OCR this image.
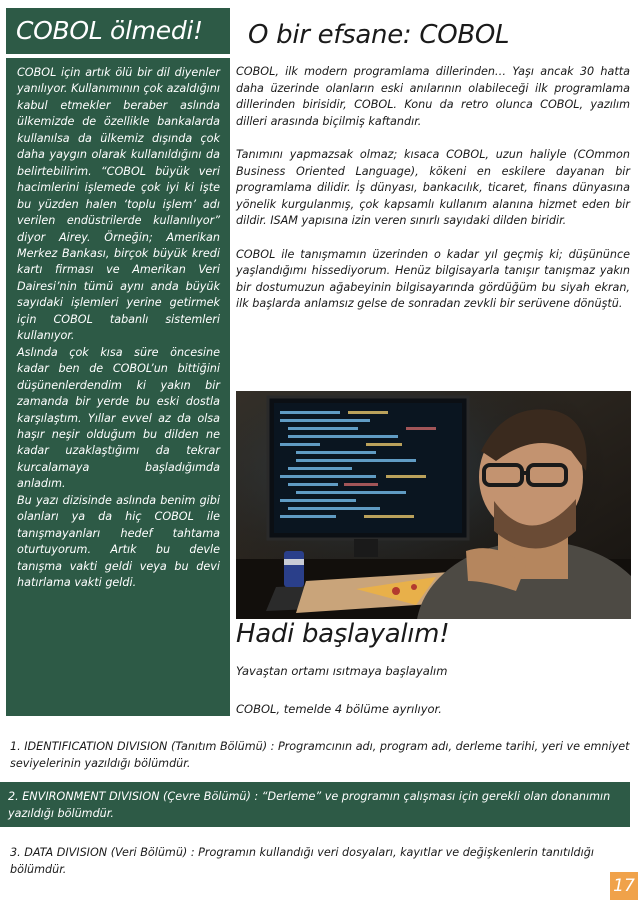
COBOL ölmedi!

COBOL için artık ölü bir dil diyenler yanılıyor. Kullanımının çok azaldığını kabul etmekler beraber aslında ülkemizde de özellikle bankalarda kullanılsa da ülkemiz dışında çok daha yaygın olarak kullanıldığını da belirtebilirim. “COBOL büyük veri hacimlerini işlemede çok iyi ki işte bu yüzden halen ‘toplu işlem’ adı verilen endüstrilerde kullanılıyor” diyor Airey. Örneğin; Amerikan Merkez Bankası, birçok büyük kredi kartı firması ve Amerikan Veri Dairesi’nin tümü aynı anda büyük sayıdaki işlemleri yerine getirmek için COBOL tabanlı sistemleri kullanıyor.

Aslında çok kısa süre öncesine kadar ben de COBOL’un bittiğini düşünenlerdendim ki yakın bir zamanda bir yerde bu eski dostla karşılaştım. Yıllar evvel az da olsa haşır neşir olduğum bu dilden ne kadar uzaklaştığımı da tekrar kurcalamaya başladığımda anladım.

Bu yazı dizisinde aslında benim gibi olanları ya da hiç COBOL ile tanışmayanları hedef tahtama oturtuyorum. Artık bu devle tanışma vakti geldi veya bu devi hatırlama vakti geldi.

O bir efsane: COBOL

COBOL, ilk modern programlama dillerinden… Yaşı ancak 30 hatta daha üzerinde olanların eski anılarının olabileceği ilk programlama dillerinden birisidir, COBOL. Konu da retro olunca COBOL, yazılım dilleri arasında biçilmiş kaftandır.

Tanımını yapmazsak olmaz; kısaca COBOL, uzun haliyle (COmmon Business Oriented Language), kökeni en eskilere dayanan bir programlama dilidir. İş dünyası, bankacılık, ticaret, finans dünyasına yönelik kurgulanmış, çok kapsamlı kullanım alanına hizmet eden bir dildir. ISAM yapısına izin veren sınırlı sayıdaki dilden biridir.

COBOL ile tanışmamın üzerinden o kadar yıl geçmiş ki; düşününce yaşlandığımı hissediyorum. Henüz bilgisayarla tanışır tanışmaz yakın bir dostumuzun ağabeyinin bilgisayarında gördüğüm bu siyah ekran, ilk başlarda anlamsız gelse de sonradan zevkli bir serüvene dönüştü.

Hadi başlayalım!
Yavaştan ortamı ısıtmaya başlayalım
COBOL, temelde 4 bölüme ayrılıyor.
1. IDENTIFICATION DIVISION (Tanıtım Bölümü) : Programcının adı, program adı, derleme tarihi, yeri ve emniyet seviyelerinin yazıldığı bölümdür.
2. ENVIRONMENT DIVISION (Çevre Bölümü) : “Derleme” ve programın çalışması için gerekli olan donanımın yazıldığı bölümdür.
3. DATA DIVISION (Veri Bölümü) : Programın kullandığı veri dosyaları, kayıtlar ve değişkenlerin tanıtıldığı bölümdür.
17
